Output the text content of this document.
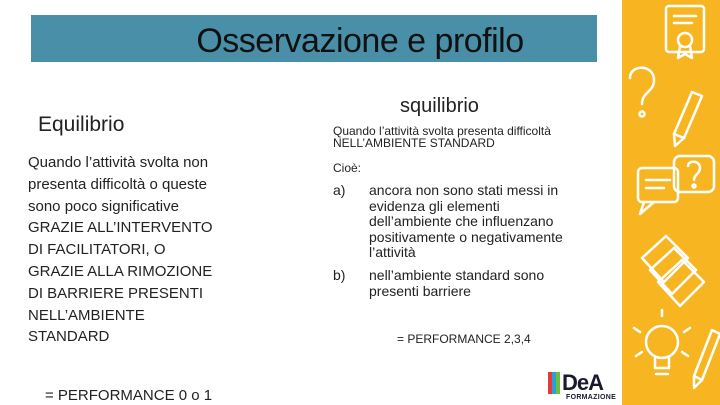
Osservazione e profilo
Equilibrio
Quando l’attività svolta non presenta difficoltà o queste sono poco significative GRAZIE ALL’INTERVENTO DI FACILITATORI, O GRAZIE ALLA RIMOZIONE DI BARRIERE PRESENTI NELL’AMBIENTE STANDARD
= PERFORMANCE 0 o 1
squilibrio
Quando l’attività svolta presenta difficoltà NELL’AMBIENTE STANDARD
Cioè:
a) ancora non sono stati messi in evidenza gli elementi dell’ambiente che influenzano positivamente o negativamente l’attività
b) nell’ambiente standard sono presenti barriere
= PERFORMANCE 2,3,4
DeA
FORMAZIONE
